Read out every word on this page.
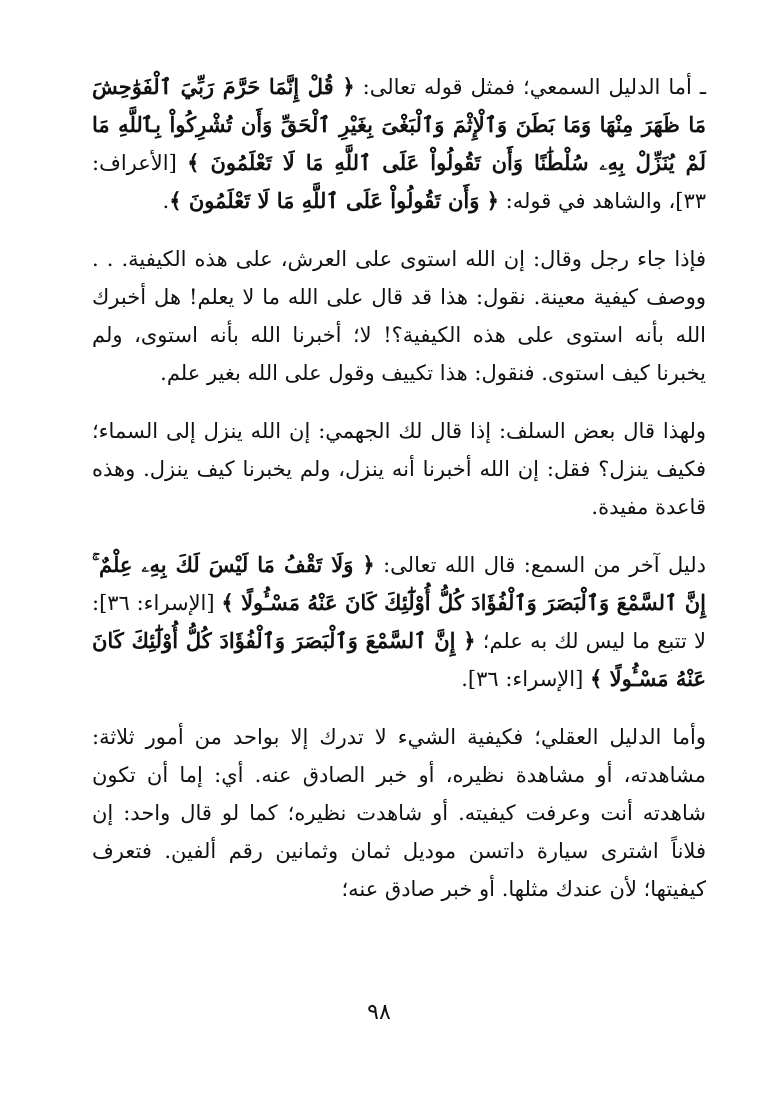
ـ أما الدليل السمعي؛ فمثل قوله تعالى: ﴿ قُلْ إِنَّمَا حَرَّمَ رَبِّيَ ٱلْفَوَٰحِشَ مَا ظَهَرَ مِنْهَا وَمَا بَطَنَ وَٱلْإِثْمَ وَٱلْبَغْىَ بِغَيْرِ ٱلْحَقِّ وَأَن تُشْرِكُواْ بِٱللَّهِ مَا لَمْ يُنَزِّلْ بِهِۦ سُلْطَٰنًا وَأَن تَقُولُواْ عَلَى ٱللَّهِ مَا لَا تَعْلَمُونَ ﴾ [الأعراف: ٣٣]، والشاهد في قوله: ﴿ وَأَن تَقُولُواْ عَلَى ٱللَّهِ مَا لَا تَعْلَمُونَ ﴾.

فإذا جاء رجل وقال: إن الله استوى على العرش، على هذه الكيفية. . . ووصف كيفية معينة. نقول: هذا قد قال على الله ما لا يعلم! هل أخبرك الله بأنه استوى على هذه الكيفية؟! لا؛ أخبرنا الله بأنه استوى، ولم يخبرنا كيف استوى. فنقول: هذا تكييف وقول على الله بغير علم.

ولهذا قال بعض السلف: إذا قال لك الجهمي: إن الله ينزل إلى السماء؛ فكيف ينزل؟ فقل: إن الله أخبرنا أنه ينزل، ولم يخبرنا كيف ينزل. وهذه قاعدة مفيدة.

دليل آخر من السمع: قال الله تعالى: ﴿ وَلَا تَقْفُ مَا لَيْسَ لَكَ بِهِۦ عِلْمٌ ۚ إِنَّ ٱلسَّمْعَ وَٱلْبَصَرَ وَٱلْفُؤَادَ كُلُّ أُوْلَٰٓئِكَ كَانَ عَنْهُ مَسْـُٔولًا ﴾ [الإسراء: ٣٦]: لا تتبع ما ليس لك به علم؛ ﴿ إِنَّ ٱلسَّمْعَ وَٱلْبَصَرَ وَٱلْفُؤَادَ كُلُّ أُوْلَٰٓئِكَ كَانَ عَنْهُ مَسْـُٔولًا ﴾ [الإسراء: ٣٦].

وأما الدليل العقلي؛ فكيفية الشيء لا تدرك إلا بواحد من أمور ثلاثة: مشاهدته، أو مشاهدة نظيره، أو خبر الصادق عنه. أي: إما أن تكون شاهدته أنت وعرفت كيفيته. أو شاهدت نظيره؛ كما لو قال واحد: إن فلاناً اشترى سيارة داتسن موديل ثمان وثمانين رقم ألفين. فتعرف كيفيتها؛ لأن عندك مثلها. أو خبر صادق عنه؛

٩٨
